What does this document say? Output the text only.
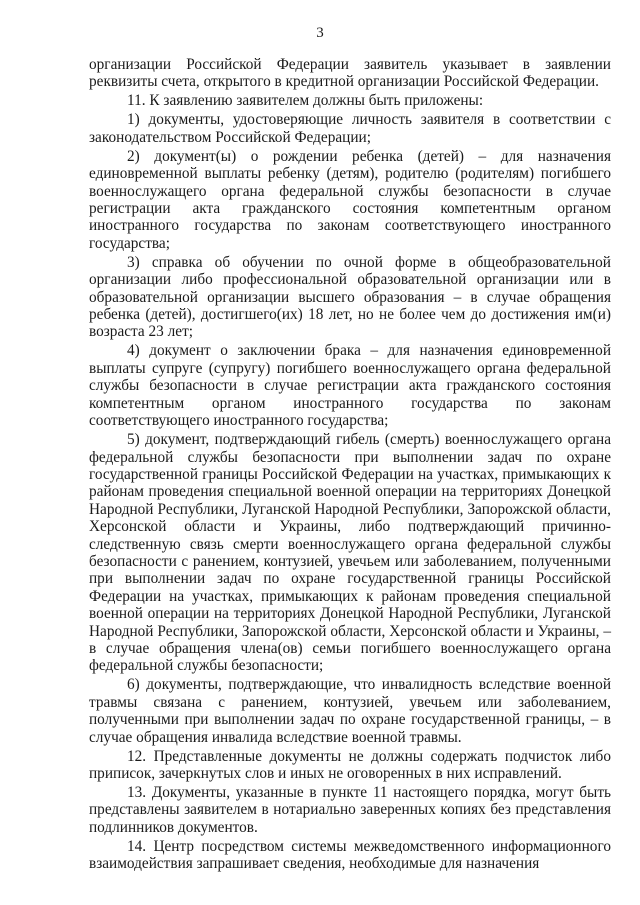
3

организации Российской Федерации заявитель указывает в заявлении реквизиты счета, открытого в кредитной организации Российской Федерации.

11. К заявлению заявителем должны быть приложены:

1) документы, удостоверяющие личность заявителя в соответствии с законодательством Российской Федерации;

2) документ(ы) о рождении ребенка (детей) – для назначения единовременной выплаты ребенку (детям), родителю (родителям) погибшего военнослужащего органа федеральной службы безопасности в случае регистрации акта гражданского состояния компетентным органом иностранного государства по законам соответствующего иностранного государства;

3) справка об обучении по очной форме в общеобразовательной организации либо профессиональной образовательной организации или в образовательной организации высшего образования – в случае обращения ребенка (детей), достигшего(их) 18 лет, но не более чем до достижения им(и) возраста 23 лет;

4) документ о заключении брака – для назначения единовременной выплаты супруге (супругу) погибшего военнослужащего органа федеральной службы безопасности в случае регистрации акта гражданского состояния компетентным органом иностранного государства по законам соответствующего иностранного государства;

5) документ, подтверждающий гибель (смерть) военнослужащего органа федеральной службы безопасности при выполнении задач по охране государственной границы Российской Федерации на участках, примыкающих к районам проведения специальной военной операции на территориях Донецкой Народной Республики, Луганской Народной Республики, Запорожской области, Херсонской области и Украины, либо подтверждающий причинно-следственную связь смерти военнослужащего органа федеральной службы безопасности с ранением, контузией, увечьем или заболеванием, полученными при выполнении задач по охране государственной границы Российской Федерации на участках, примыкающих к районам проведения специальной военной операции на территориях Донецкой Народной Республики, Луганской Народной Республики, Запорожской области, Херсонской области и Украины, – в случае обращения члена(ов) семьи погибшего военнослужащего органа федеральной службы безопасности;

6) документы, подтверждающие, что инвалидность вследствие военной травмы связана с ранением, контузией, увечьем или заболеванием, полученными при выполнении задач по охране государственной границы, – в случае обращения инвалида вследствие военной травмы.

12. Представленные документы не должны содержать подчисток либо приписок, зачеркнутых слов и иных не оговоренных в них исправлений.

13. Документы, указанные в пункте 11 настоящего порядка, могут быть представлены заявителем в нотариально заверенных копиях без представления подлинников документов.

14. Центр посредством системы межведомственного информационного взаимодействия запрашивает сведения, необходимые для назначения
